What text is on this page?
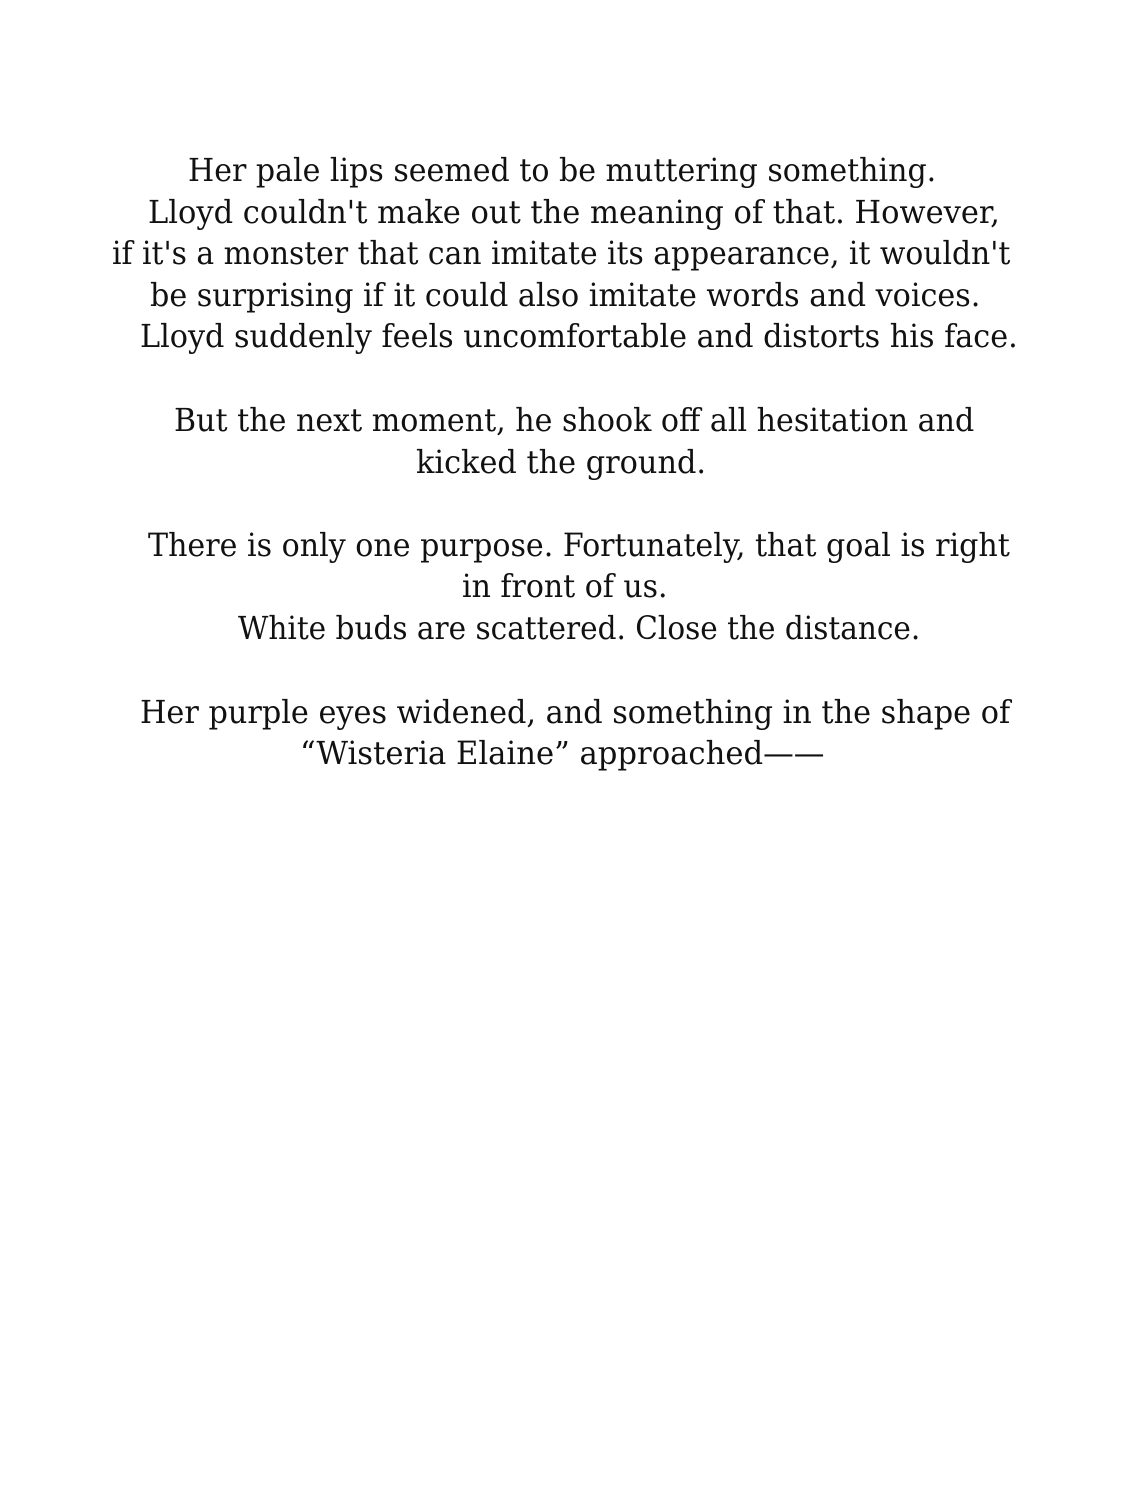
Her pale lips seemed to be muttering something.
Lloyd couldn't make out the meaning of that. However,
if it's a monster that can imitate its appearance, it wouldn't
be surprising if it could also imitate words and voices.
Lloyd suddenly feels uncomfortable and distorts his face.
But the next moment, he shook off all hesitation and
kicked the ground.
There is only one purpose. Fortunately, that goal is right
in front of us.
White buds are scattered. Close the distance.
Her purple eyes widened, and something in the shape of
“Wisteria Elaine” approached——
